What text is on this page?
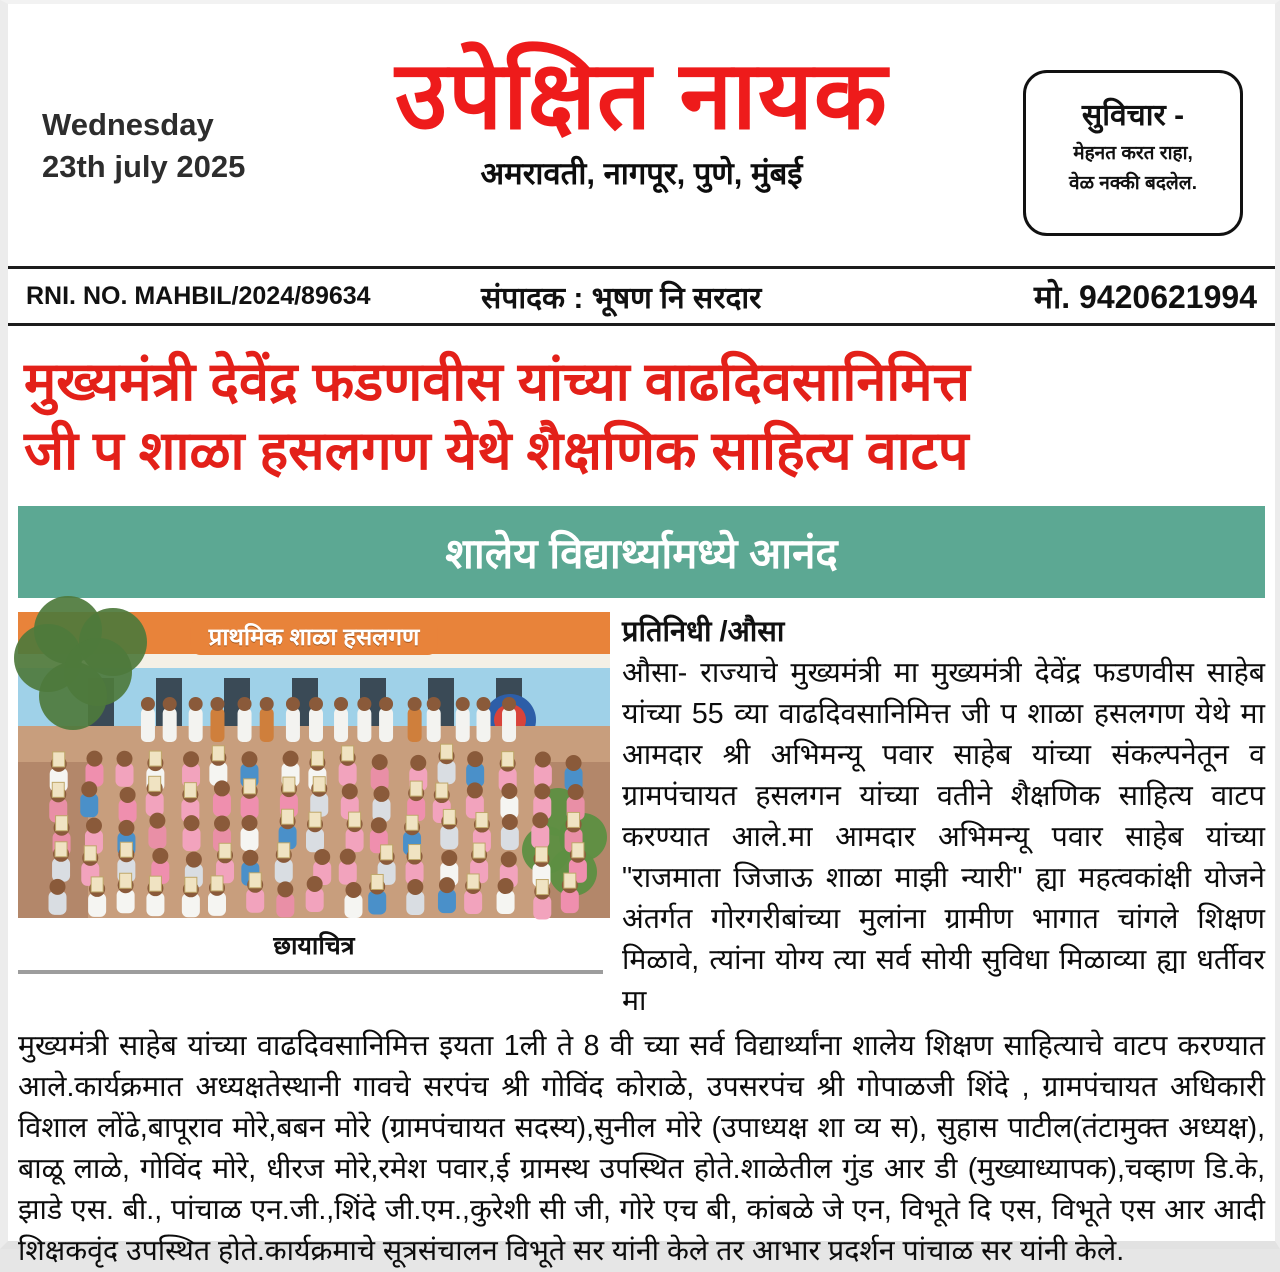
Wednesday
23th july 2025
उपेक्षित नायक
अमरावती, नागपूर, पुणे, मुंबई
सुविचार -
मेहनत करत राहा,
वेळ नक्की बदलेल.
RNI. NO. MAHBIL/2024/89634	संपादक : भूषण नि सरदार	मो. 9420621994
मुख्यमंत्री देवेंद्र फडणवीस यांच्या वाढदिवसानिमित्त
जी प शाळा हसलगण येथे शैक्षणिक साहित्य वाटप
शालेय विद्यार्थ्यामध्ये आनंद
प्राथमिक शाळा हसलगण
छायाचित्र
प्रतिनिधी /औसा
औसा- राज्याचे मुख्यमंत्री मा मुख्यमंत्री देवेंद्र फडणवीस साहेब
यांच्या 55 व्या वाढदिवसानिमित्त जी प शाळा हसलगण येथे मा
आमदार श्री अभिमन्यू पवार साहेब यांच्या संकल्पनेतून व
ग्रामपंचायत हसलगन यांच्या वतीने शैक्षणिक साहित्य वाटप
करण्यात आले.मा आमदार अभिमन्यू पवार साहेब यांच्या
"राजमाता जिजाऊ शाळा माझी न्यारी" ह्या महत्वकांक्षी योजने
अंतर्गत गोरगरीबांच्या मुलांना ग्रामीण भागात चांगले शिक्षण
मिळावे, त्यांना योग्य त्या सर्व सोयी सुविधा मिळाव्या ह्या धर्तीवर मा
मुख्यमंत्री साहेब यांच्या वाढदिवसानिमित्त इयता 1ली ते 8 वी च्या सर्व विद्यार्थ्यांना शालेय शिक्षण साहित्याचे वाटप करण्यात
आले.कार्यक्रमात अध्यक्षतेस्थानी गावचे सरपंच श्री गोविंद कोराळे, उपसरपंच श्री गोपाळजी शिंदे , ग्रामपंचायत अधिकारी
विशाल लोंढे,बापूराव मोरे,बबन मोरे (ग्रामपंचायत सदस्य),सुनील मोरे (उपाध्यक्ष शा व्य स), सुहास पाटील(तंटामुक्त अध्यक्ष),
बाळू लाळे, गोविंद मोरे, धीरज मोरे,रमेश पवार,ई ग्रामस्थ उपस्थित होते.शाळेतील गुंड आर डी (मुख्याध्यापक),चव्हाण डि.के,
झाडे एस. बी., पांचाळ एन.जी.,शिंदे जी.एम.,कुरेशी सी जी, गोरे एच बी, कांबळे जे एन, विभूते दि एस, विभूते एस आर आदी
शिक्षकवृंद उपस्थित होते.कार्यक्रमाचे सूत्रसंचालन विभूते सर यांनी केले तर आभार प्रदर्शन पांचाळ सर यांनी केले.
